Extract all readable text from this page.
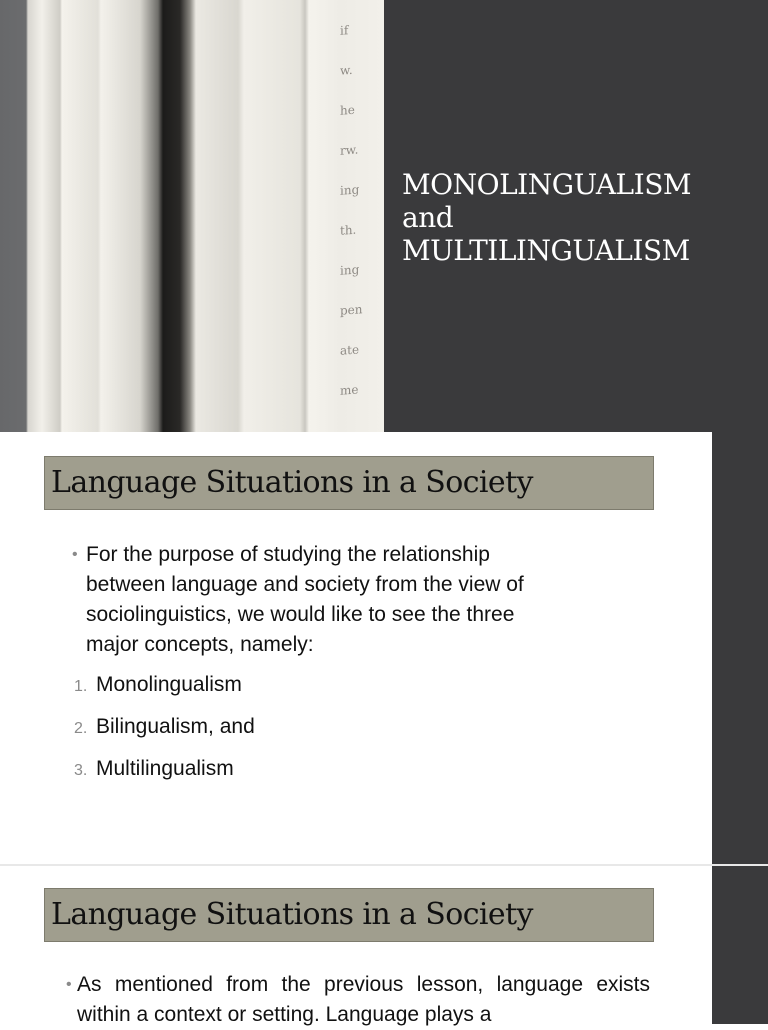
if
w.
he
rw.
ing
th.
ing
pen
ate
me
MONOLINGUALISM
and
MULTILINGUALISM
Language Situations in a Society
• For the purpose of studying the relationship between language and society from the view of sociolinguistics, we would like to see the three major concepts, namely:
1. Monolingualism
2. Bilingualism, and
3. Multilingualism
Language Situations in a Society
• As mentioned from the previous lesson, language exists within a context or setting. Language plays a
